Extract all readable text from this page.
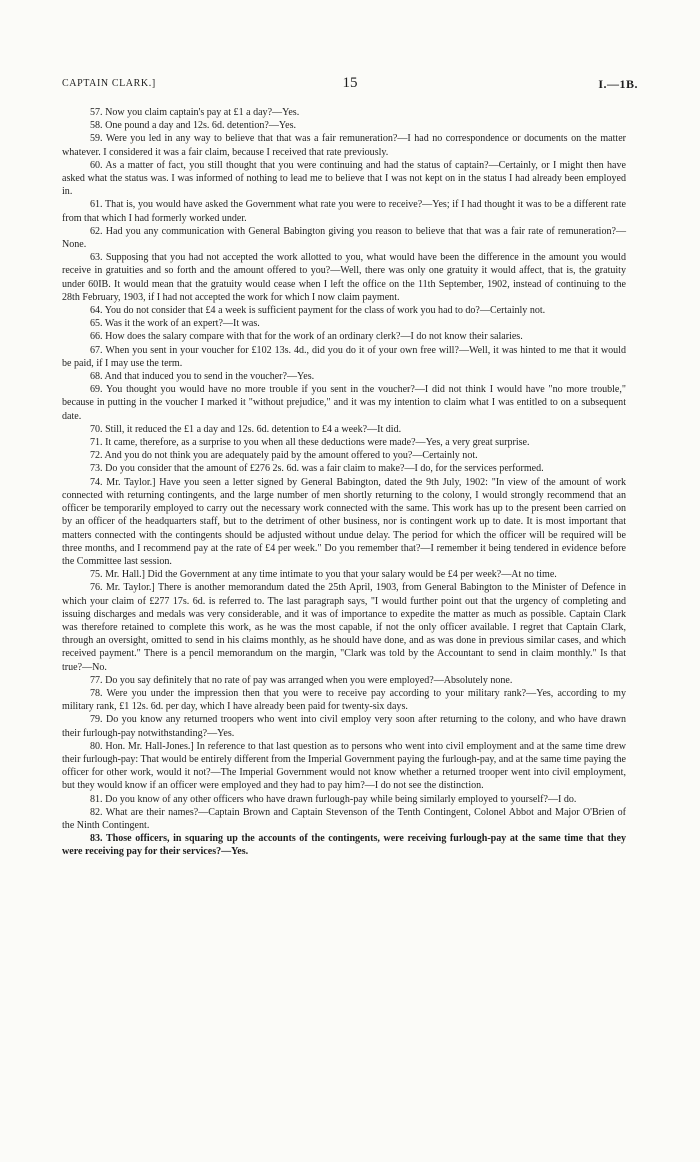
CAPTAIN CLARK.]	15	I.—1B.

57. Now you claim captain's pay at £1 a day?—Yes.

58. One pound a day and 12s. 6d. detention?—Yes.

59. Were you led in any way to believe that that was a fair remuneration?—I had no correspondence or documents on the matter whatever. I considered it was a fair claim, because I received that rate previously.

60. As a matter of fact, you still thought that you were continuing and had the status of captain?—Certainly, or I might then have asked what the status was. I was informed of nothing to lead me to believe that I was not kept on in the status I had already been employed in.

61. That is, you would have asked the Government what rate you were to receive?—Yes; if I had thought it was to be a different rate from that which I had formerly worked under.

62. Had you any communication with General Babington giving you reason to believe that that was a fair rate of remuneration?—None.

63. Supposing that you had not accepted the work allotted to you, what would have been the difference in the amount you would receive in gratuities and so forth and the amount offered to you?—Well, there was only one gratuity it would affect, that is, the gratuity under 60IB. It would mean that the gratuity would cease when I left the office on the 11th September, 1902, instead of continuing to the 28th February, 1903, if I had not accepted the work for which I now claim payment.

64. You do not consider that £4 a week is sufficient payment for the class of work you had to do?—Certainly not.

65. Was it the work of an expert?—It was.

66. How does the salary compare with that for the work of an ordinary clerk?—I do not know their salaries.

67. When you sent in your voucher for £102 13s. 4d., did you do it of your own free will?—Well, it was hinted to me that it would be paid, if I may use the term.

68. And that induced you to send in the voucher?—Yes.

69. You thought you would have no more trouble if you sent in the voucher?—I did not think I would have "no more trouble," because in putting in the voucher I marked it "without prejudice," and it was my intention to claim what I was entitled to on a subsequent date.

70. Still, it reduced the £1 a day and 12s. 6d. detention to £4 a week?—It did.

71. It came, therefore, as a surprise to you when all these deductions were made?—Yes, a very great surprise.

72. And you do not think you are adequately paid by the amount offered to you?—Certainly not.

73. Do you consider that the amount of £276 2s. 6d. was a fair claim to make?—I do, for the services performed.

74. Mr. Taylor.] Have you seen a letter signed by General Babington, dated the 9th July, 1902: "In view of the amount of work connected with returning contingents, and the large number of men shortly returning to the colony, I would strongly recommend that an officer be temporarily employed to carry out the necessary work connected with the same. This work has up to the present been carried on by an officer of the headquarters staff, but to the detriment of other business, nor is contingent work up to date. It is most important that matters connected with the contingents should be adjusted without undue delay. The period for which the officer will be required will be three months, and I recommend pay at the rate of £4 per week." Do you remember that?—I remember it being tendered in evidence before the Committee last session.

75. Mr. Hall.] Did the Government at any time intimate to you that your salary would be £4 per week?—At no time.

76. Mr. Taylor.] There is another memorandum dated the 25th April, 1903, from General Babington to the Minister of Defence in which your claim of £277 17s. 6d. is referred to. The last paragraph says, "I would further point out that the urgency of completing and issuing discharges and medals was very considerable, and it was of importance to expedite the matter as much as possible. Captain Clark was therefore retained to complete this work, as he was the most capable, if not the only officer available. I regret that Captain Clark, through an oversight, omitted to send in his claims monthly, as he should have done, and as was done in previous similar cases, and which received payment." There is a pencil memorandum on the margin, "Clark was told by the Accountant to send in claim monthly." Is that true?—No.

77. Do you say definitely that no rate of pay was arranged when you were employed?—Absolutely none.

78. Were you under the impression then that you were to receive pay according to your military rank?—Yes, according to my military rank, £1 12s. 6d. per day, which I have already been paid for twenty-six days.

79. Do you know any returned troopers who went into civil employ very soon after returning to the colony, and who have drawn their furlough-pay notwithstanding?—Yes.

80. Hon. Mr. Hall-Jones.] In reference to that last question as to persons who went into civil employment and at the same time drew their furlough-pay: That would be entirely different from the Imperial Government paying the furlough-pay, and at the same time paying the officer for other work, would it not?—The Imperial Government would not know whether a returned trooper went into civil employment, but they would know if an officer were employed and they had to pay him?—I do not see the distinction.

81. Do you know of any other officers who have drawn furlough-pay while being similarly employed to yourself?—I do.

82. What are their names?—Captain Brown and Captain Stevenson of the Tenth Contingent, Colonel Abbot and Major O'Brien of the Ninth Contingent.

83. Those officers, in squaring up the accounts of the contingents, were receiving furlough-pay at the same time that they were receiving pay for their services?—Yes.
